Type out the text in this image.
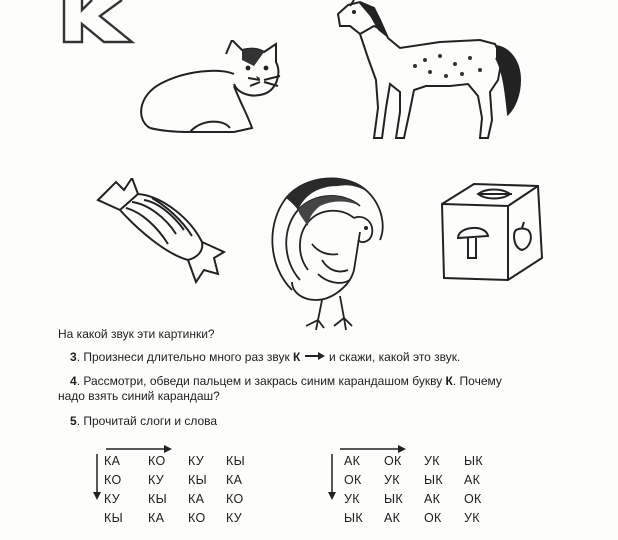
На какой звук эти картинки?
3. Произнеси длительно много раз звук К  и скажи, какой это звук.
4. Рассмотри, обведи пальцем и закрась синим карандашом букву К. Почему
надо взять синий карандаш?
5. Прочитай слоги и слова
КА КО КУ КЫ
КО КУ КЫ КА
КУ КЫ КА КО
КЫ КА КО КУ
АК ОК УК ЫК
ОК УК ЫК АК
УК ЫК АК ОК
ЫК АК ОК УК
